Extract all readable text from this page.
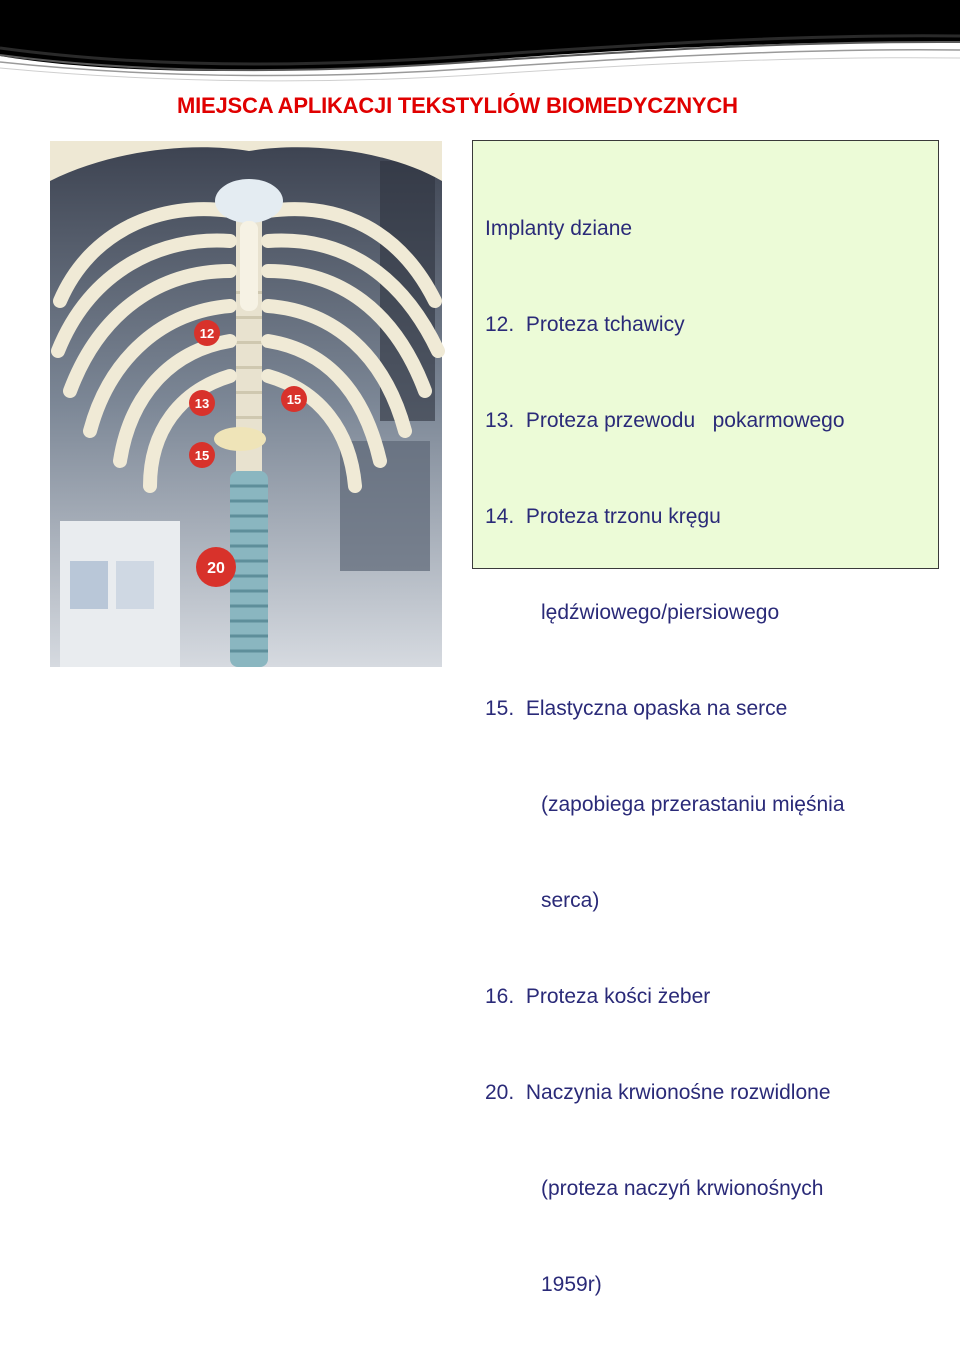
MIEJSCA APLIKACJI TEKSTYLIÓW BIOMEDYCZNYCH
12
13	15
15
20

Implanty dziane

12.  Proteza tchawicy

13.  Proteza przewodu   pokarmowego

14.  Proteza trzonu kręgu

lędźwiowego/piersiowego

15.  Elastyczna opaska na serce

(zapobiega przerastaniu mięśnia

serca)

16.  Proteza kości żeber

20.  Naczynia krwionośne rozwidlone

(proteza naczyń krwionośnych

1959r)
